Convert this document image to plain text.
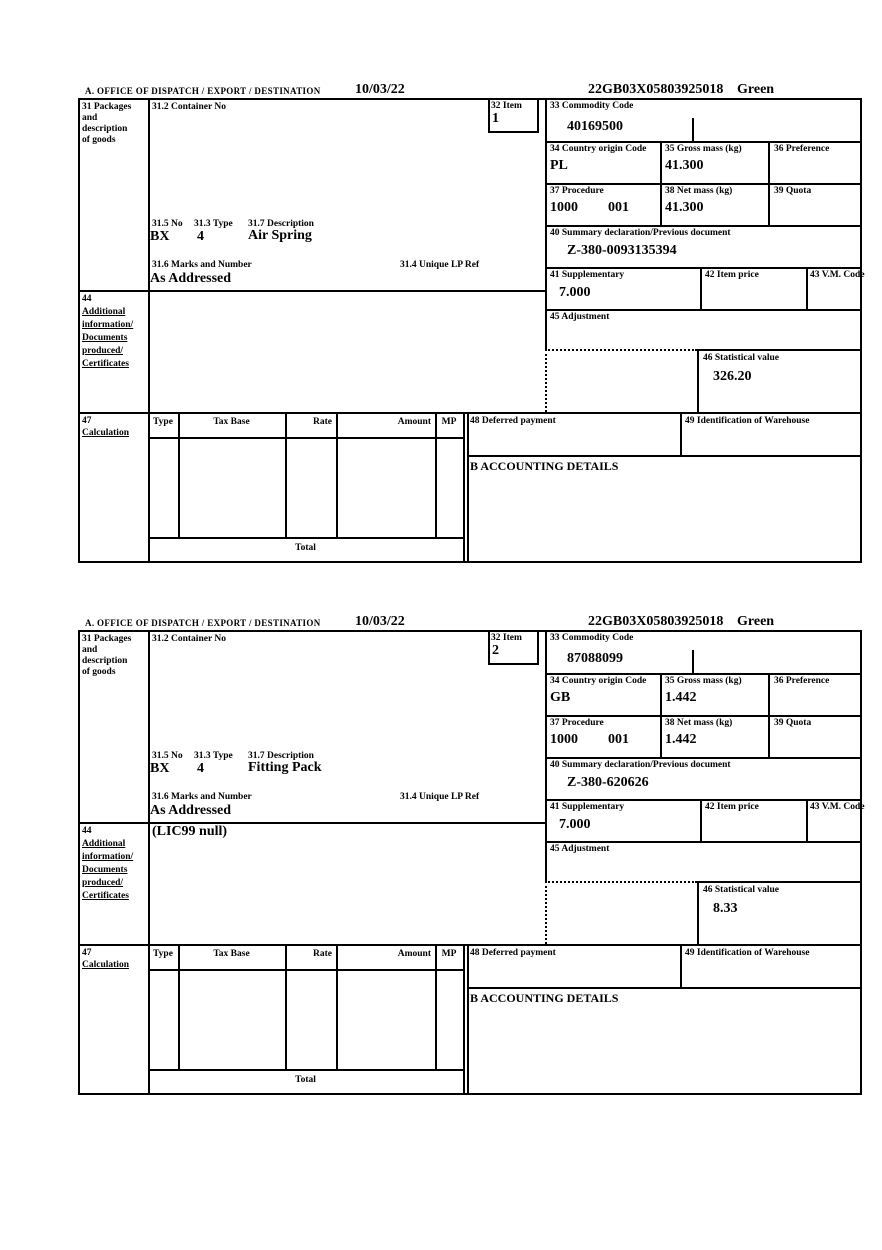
A. OFFICE OF DISPATCH / EXPORT / DESTINATION 10/03/22	22GB03X05803925018 Green
31 Packages
and
description
of goods
31.2 Container No	32 Item
1
31.5 No 31.3 Type 31.7 Description
BX 4	Air Spring
31.6 Marks and Number	31.4 Unique LP Ref
As Addressed
44
Additional
information/
Documents
produced/
Certificates
33 Commodity Code
40169500
34 Country origin Code
PL
35 Gross mass (kg)
41.300
36 Preference
37 Procedure
1000 001
38 Net mass (kg)
41.300
39 Quota
40 Summary declaration/Previous document
Z-380-0093135394
41 Supplementary
7.000
42 Item price	43 V.M. Code
45 Adjustment
46 Statistical value
326.20
47
Calculation
Type	Tax Base	Rate	Amount	MP
Total
48 Deferred payment	49 Identification of Warehouse
B ACCOUNTING DETAILS
A. OFFICE OF DISPATCH / EXPORT / DESTINATION 10/03/22	22GB03X05803925018 Green
31 Packages
and
description
of goods
31.2 Container No	32 Item
2
31.5 No 31.3 Type 31.7 Description
BX 4	Fitting Pack
31.6 Marks and Number	31.4 Unique LP Ref
As Addressed
44
Additional
information/
Documents
produced/
Certificates
(LIC99 null)
33 Commodity Code
87088099
34 Country origin Code
GB
35 Gross mass (kg)
1.442
36 Preference
37 Procedure
1000 001
38 Net mass (kg)
1.442
39 Quota
40 Summary declaration/Previous document
Z-380-620626
41 Supplementary
7.000
42 Item price	43 V.M. Code
45 Adjustment
46 Statistical value
8.33
47
Calculation
Type	Tax Base	Rate	Amount	MP
Total
48 Deferred payment	49 Identification of Warehouse
B ACCOUNTING DETAILS
